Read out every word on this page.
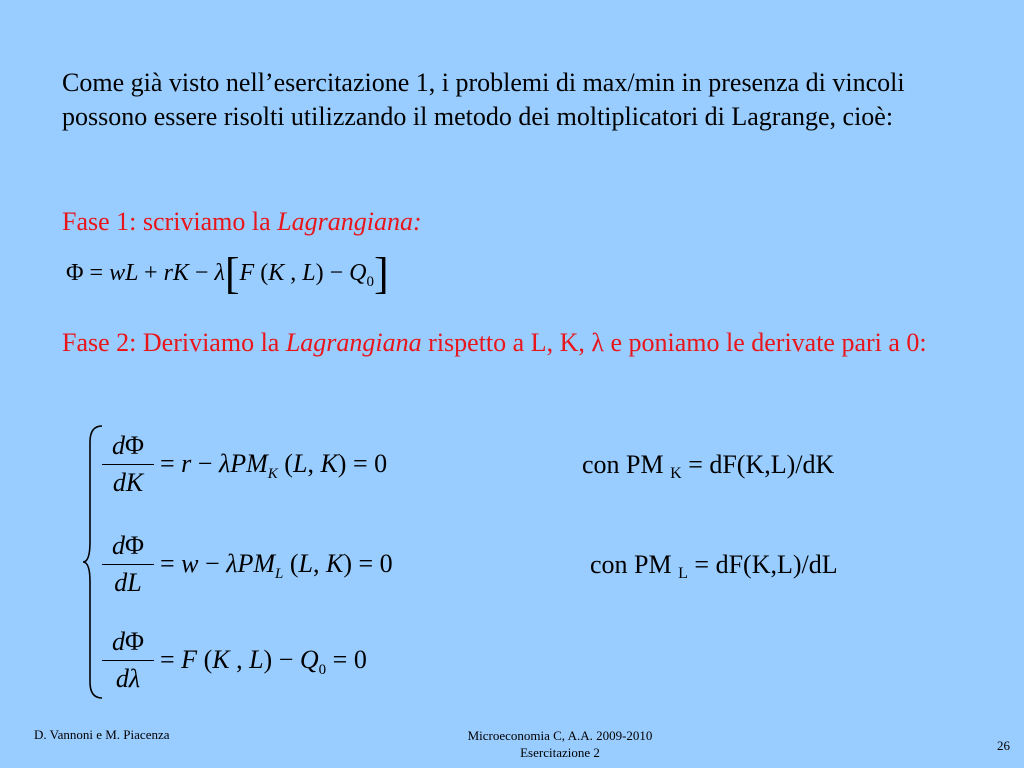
Come già visto nell’esercitazione 1, i problemi di max/min in presenza di vincoli possono essere risolti utilizzando il metodo dei moltiplicatori di Lagrange, cioè:
Fase 1: scriviamo la Lagrangiana:
Φ = wL + rK − λ[F (K , L) − Q0]
Fase 2: Deriviamo la Lagrangiana rispetto a L, K, λ e poniamo le derivate pari a 0:
dΦ
dK
= r − λPM$_K$ (L, K) = 0
dΦ
dL
= w − λPM$_L$ (L, K) = 0
dΦ
dλ
= F (K , $L) - Q_0 = 0$
con PM K = dF(K,L)/dK
con PM L = dF(K,L)/dL
D. Vannoni e M. Piacenza	Microeconomia C, A.A. 2009-2010
Esercitazione 2	26
